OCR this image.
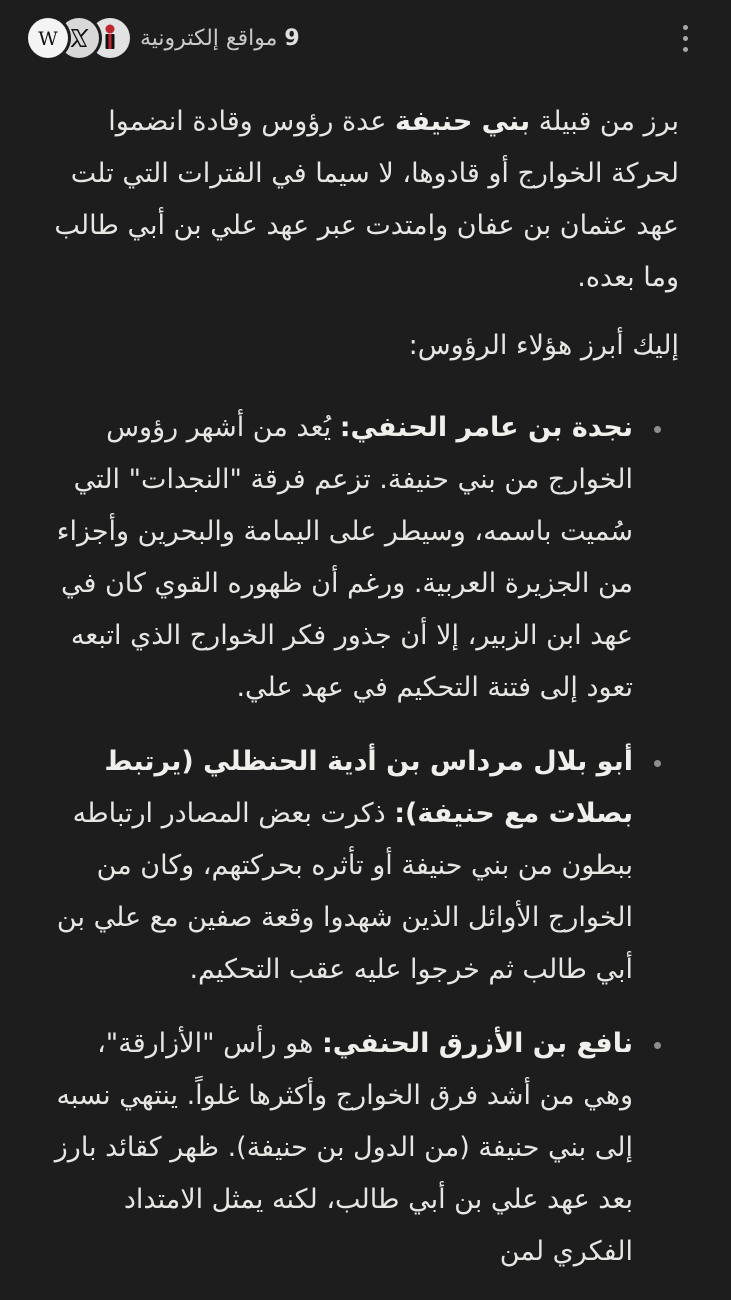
W	9 مواقع إلكترونية

برز من قبيلة بني حنيفة عدة رؤوس وقادة انضموا لحركة الخوارج أو قادوها، لا سيما في الفترات التي تلت عهد عثمان بن عفان وامتدت عبر عهد علي بن أبي طالب وما بعده.

إليك أبرز هؤلاء الرؤوس:

نجدة بن عامر الحنفي: يُعد من أشهر رؤوس الخوارج من بني حنيفة. تزعم فرقة "النجدات" التي سُميت باسمه، وسيطر على اليمامة والبحرين وأجزاء من الجزيرة العربية. ورغم أن ظهوره القوي كان في عهد ابن الزبير، إلا أن جذور فكر الخوارج الذي اتبعه تعود إلى فتنة التحكيم في عهد علي.
أبو بلال مرداس بن أدية الحنظلي (يرتبط بصلات مع حنيفة): ذكرت بعض المصادر ارتباطه ببطون من بني حنيفة أو تأثره بحركتهم، وكان من الخوارج الأوائل الذين شهدوا وقعة صفين مع علي بن أبي طالب ثم خرجوا عليه عقب التحكيم.
نافع بن الأزرق الحنفي: هو رأس "الأزارقة"، وهي من أشد فرق الخوارج وأكثرها غلواً. ينتهي نسبه إلى بني حنيفة (من الدول بن حنيفة). ظهر كقائد بارز بعد عهد علي بن أبي طالب، لكنه يمثل الامتداد الفكري لمن
